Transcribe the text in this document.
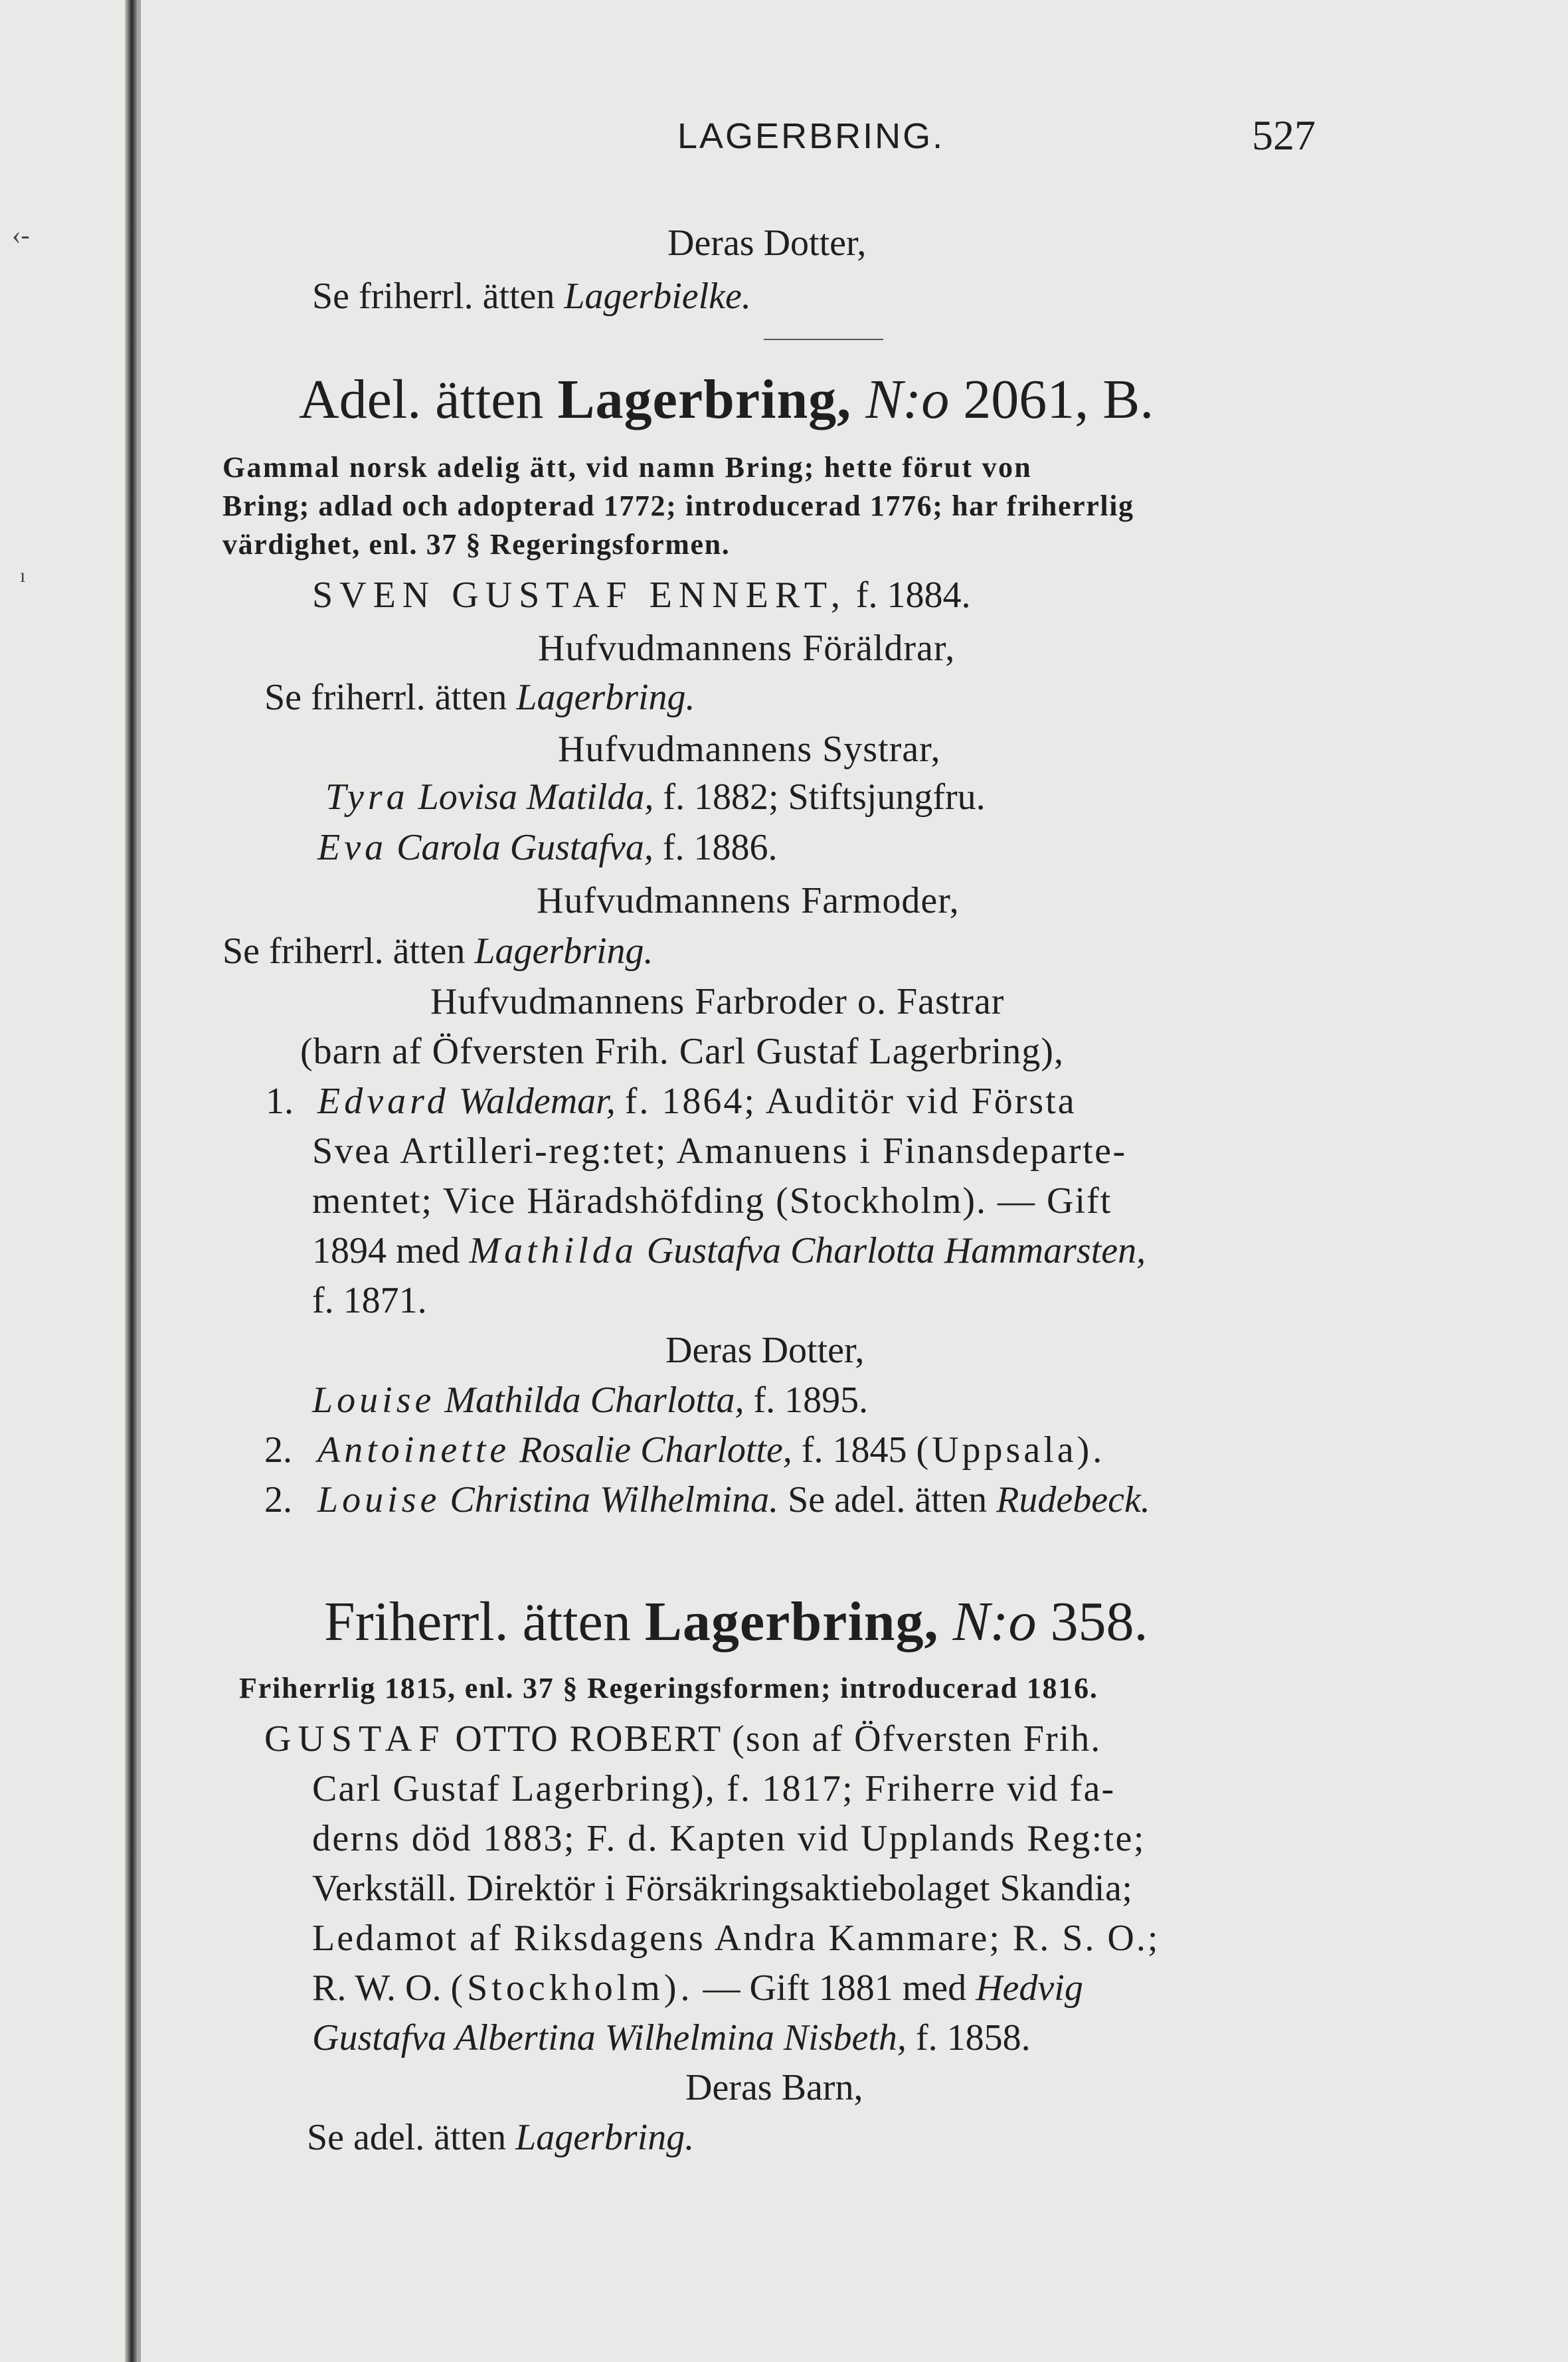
‹-
ı
LAGERBRING.	527
Deras Dotter,
Se friherrl. ätten Lagerbielke.
Adel. ätten Lagerbring, N:o 2061, B.
Gammal norsk adelig ätt, vid namn Bring; hette förut von
Bring; adlad och adopterad 1772; introducerad 1776; har friherrlig
värdighet, enl. 37 § Regeringsformen.
SVEN GUSTAF ENNERT, f. 1884.
Hufvudmannens Föräldrar,
Se friherrl. ätten Lagerbring.
Hufvudmannens Systrar,
Tyra Lovisa Matilda, f. 1882; Stiftsjungfru.
Eva Carola Gustafva, f. 1886.
Hufvudmannens Farmoder,
Se friherrl. ätten Lagerbring.
Hufvudmannens Farbroder o. Fastrar
(barn af Öfversten Frih. Carl Gustaf Lagerbring),
1. Edvard Waldemar, f. 1864; Auditör vid Första
Svea Artilleri-reg:tet; Amanuens i Finansdeparte-
mentet; Vice Häradshöfding (Stockholm). — Gift
1894 med Mathilda Gustafva Charlotta Hammarsten,
f. 1871.
Deras Dotter,
Louise Mathilda Charlotta, f. 1895.
2. Antoinette Rosalie Charlotte, f. 1845 (Uppsala).
2. Louise Christina Wilhelmina. Se adel. ätten Rudebeck.
Friherrl. ätten Lagerbring, N:o 358.
Friherrlig 1815, enl. 37 § Regeringsformen; introducerad 1816.
GUSTAF OTTO ROBERT (son af Öfversten Frih.
Carl Gustaf Lagerbring), f. 1817; Friherre vid fa-
derns död 1883; F. d. Kapten vid Upplands Reg:te;
Verkställ. Direktör i Försäkringsaktiebolaget Skandia;
Ledamot af Riksdagens Andra Kammare; R. S. O.;
R. W. O. (Stockholm). — Gift 1881 med Hedvig
Gustafva Albertina Wilhelmina Nisbeth, f. 1858.
Deras Barn,
Se adel. ätten Lagerbring.
